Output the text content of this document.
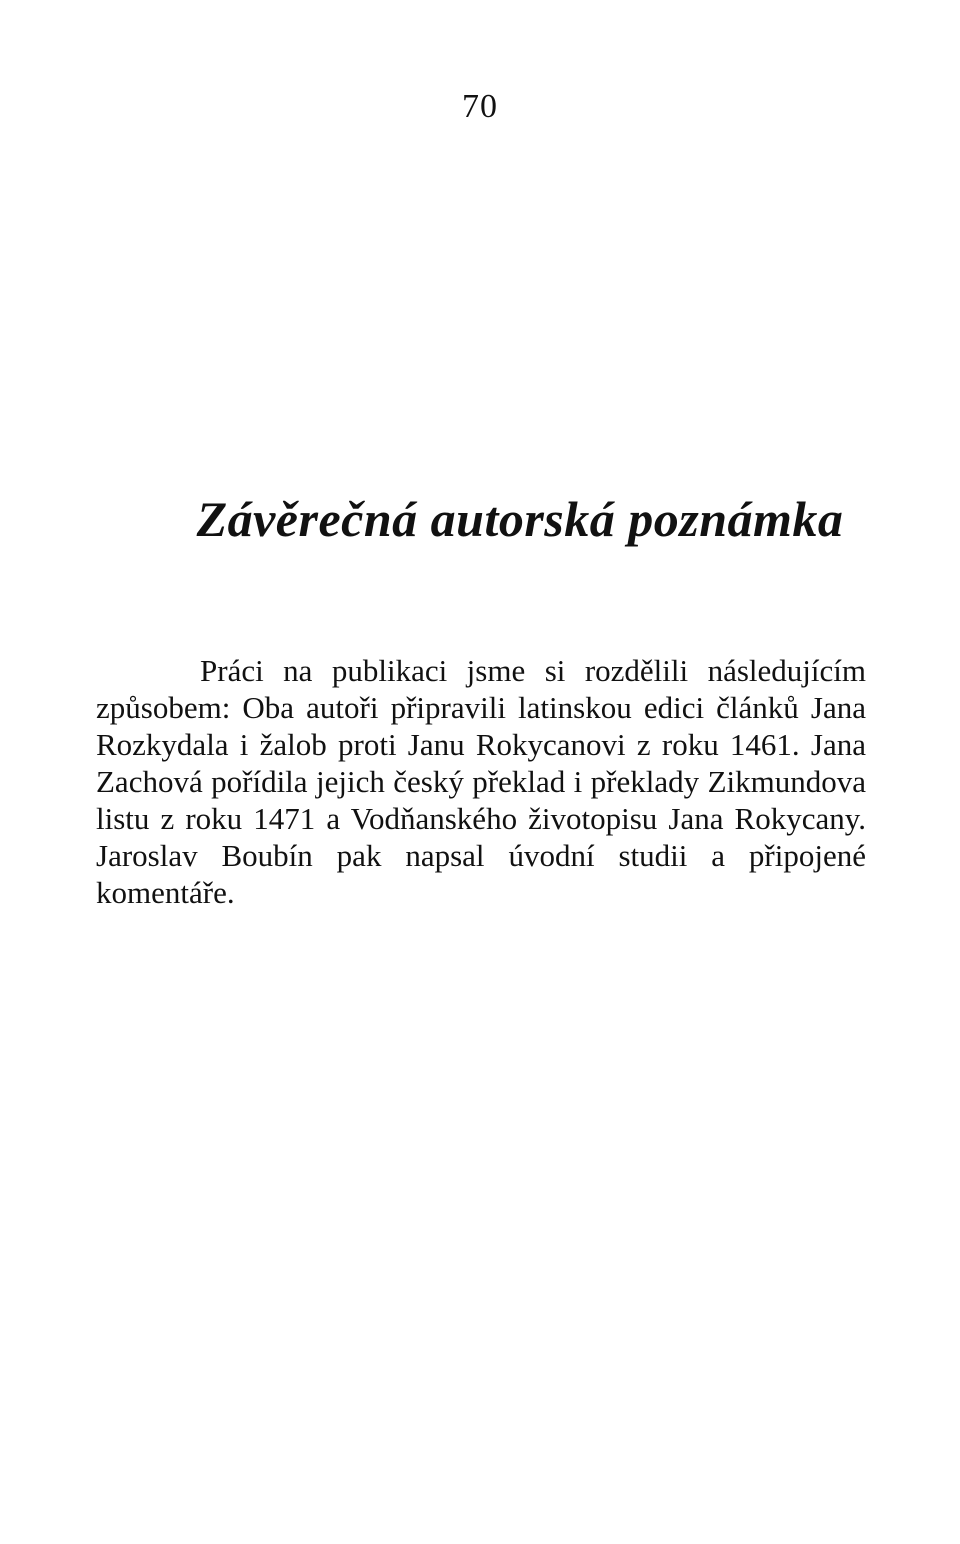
70
Závěrečná autorská poznámka

Práci na publikaci jsme si rozdělili následujícím způsobem: Oba autoři připravili latinskou edici článků Jana Rozkydala i žalob proti Janu Rokycanovi z roku 1461. Jana Zachová pořídila jejich český překlad i překlady Zikmundova listu z roku 1471 a Vodňanského životopisu Jana Rokycany. Jaroslav Boubín pak napsal úvodní studii a připojené komentáře.
